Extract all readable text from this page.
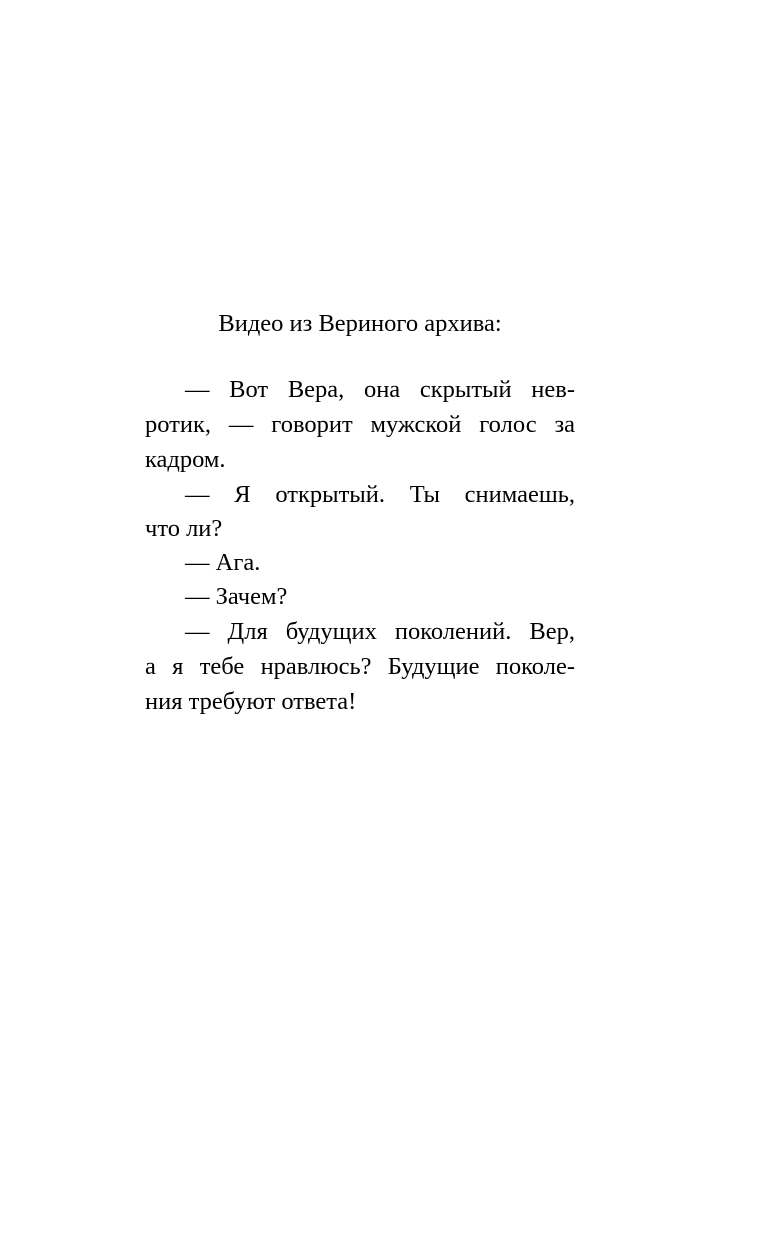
Видео из Вериного архива:
— Вот Вера, она скрытый нев-
ротик, — говорит мужской голос за
кадром.
— Я открытый. Ты снимаешь,
что ли?
— Ага.
— Зачем?
— Для будущих поколений. Вер,
а я тебе нравлюсь? Будущие поколе-
ния требуют ответа!
